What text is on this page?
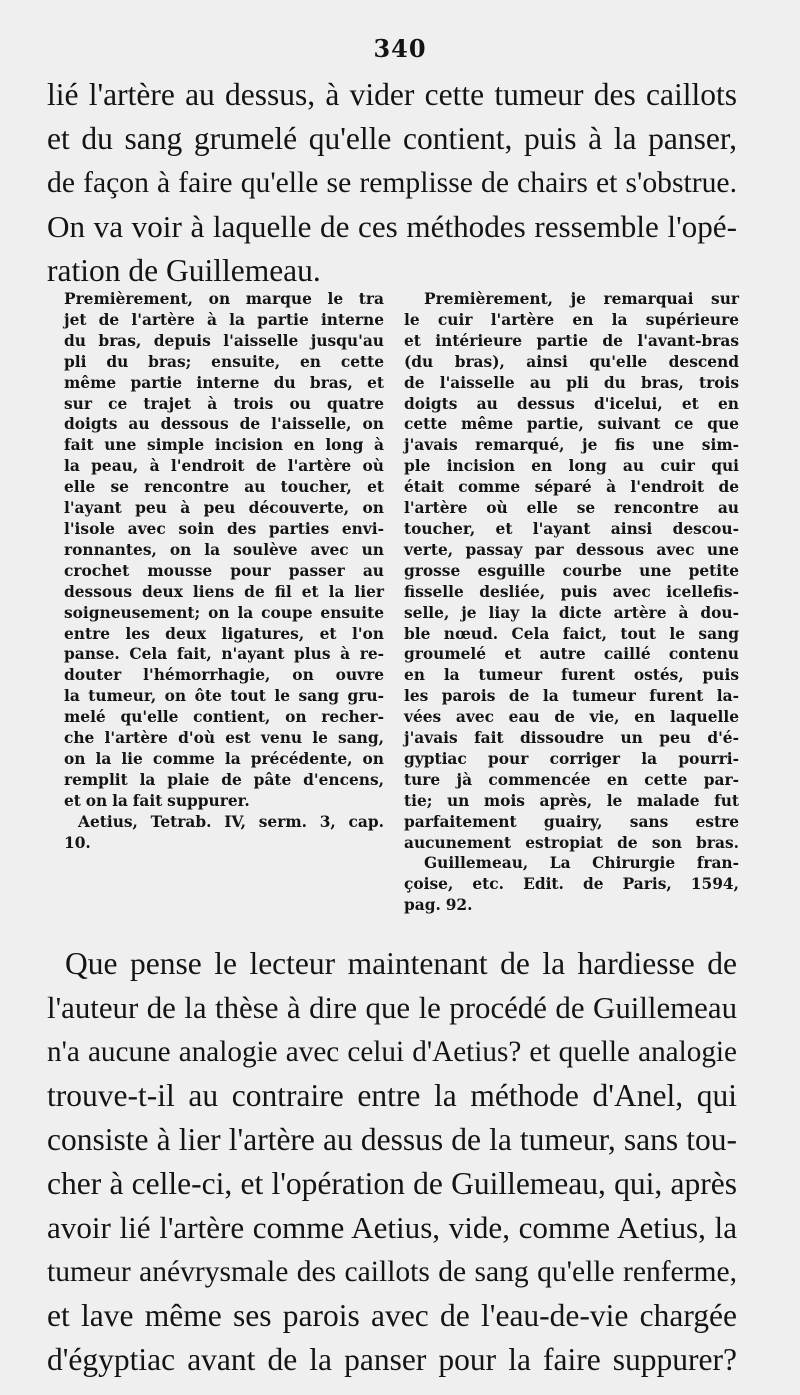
340
lié l'artère au dessus, à vider cette tumeur des caillots
et du sang grumelé qu'elle contient, puis à la panser,
de façon à faire qu'elle se remplisse de chairs et s'obstrue.
On va voir à laquelle de ces méthodes ressemble l'opé-
ration de Guillemeau.
Premièrement, on marque le tra
jet de l'artère à la partie interne
du bras, depuis l'aisselle jusqu'au
pli du bras; ensuite, en cette
même partie interne du bras, et
sur ce trajet à trois ou quatre
doigts au dessous de l'aisselle, on
fait une simple incision en long à
la peau, à l'endroit de l'artère où
elle se rencontre au toucher, et
l'ayant peu à peu découverte, on
l'isole avec soin des parties envi-
ronnantes, on la soulève avec un
crochet mousse pour passer au
dessous deux liens de fil et la lier
soigneusement; on la coupe ensuite
entre les deux ligatures, et l'on
panse. Cela fait, n'ayant plus à re-
douter l'hémorrhagie, on ouvre
la tumeur, on ôte tout le sang gru-
melé qu'elle contient, on recher-
che l'artère d'où est venu le sang,
on la lie comme la précédente, on
remplit la plaie de pâte d'encens,
et on la fait suppurer.
Aetius, Tetrab. IV, serm. 3, cap.
10.
Premièrement, je remarquai sur
le cuir l'artère en la supérieure
et intérieure partie de l'avant-bras
(du bras), ainsi qu'elle descend
de l'aisselle au pli du bras, trois
doigts au dessus d'icelui, et en
cette même partie, suivant ce que
j'avais remarqué, je fis une sim-
ple incision en long au cuir qui
était comme séparé à l'endroit de
l'artère où elle se rencontre au
toucher, et l'ayant ainsi descou-
verte, passay par dessous avec une
grosse esguille courbe une petite
fisselle desliée, puis avec icellefis-
selle, je liay la dicte artère à dou-
ble nœud. Cela faict, tout le sang
groumelé et autre caillé contenu
en la tumeur furent ostés, puis
les parois de la tumeur furent la-
vées avec eau de vie, en laquelle
j'avais fait dissoudre un peu d'é-
gyptiac pour corriger la pourri-
ture jà commencée en cette par-
tie; un mois après, le malade fut
parfaitement guairy, sans estre
aucunement estropiat de son bras.
Guillemeau, La Chirurgie fran-
çoise, etc. Edit. de Paris, 1594,
pag. 92.
Que pense le lecteur maintenant de la hardiesse de
l'auteur de la thèse à dire que le procédé de Guillemeau
n'a aucune analogie avec celui d'Aetius? et quelle analogie
trouve-t-il au contraire entre la méthode d'Anel, qui
consiste à lier l'artère au dessus de la tumeur, sans tou-
cher à celle-ci, et l'opération de Guillemeau, qui, après
avoir lié l'artère comme Aetius, vide, comme Aetius, la
tumeur anévrysmale des caillots de sang qu'elle renferme,
et lave même ses parois avec de l'eau-de-vie chargée
d'égyptiac avant de la panser pour la faire suppurer?
